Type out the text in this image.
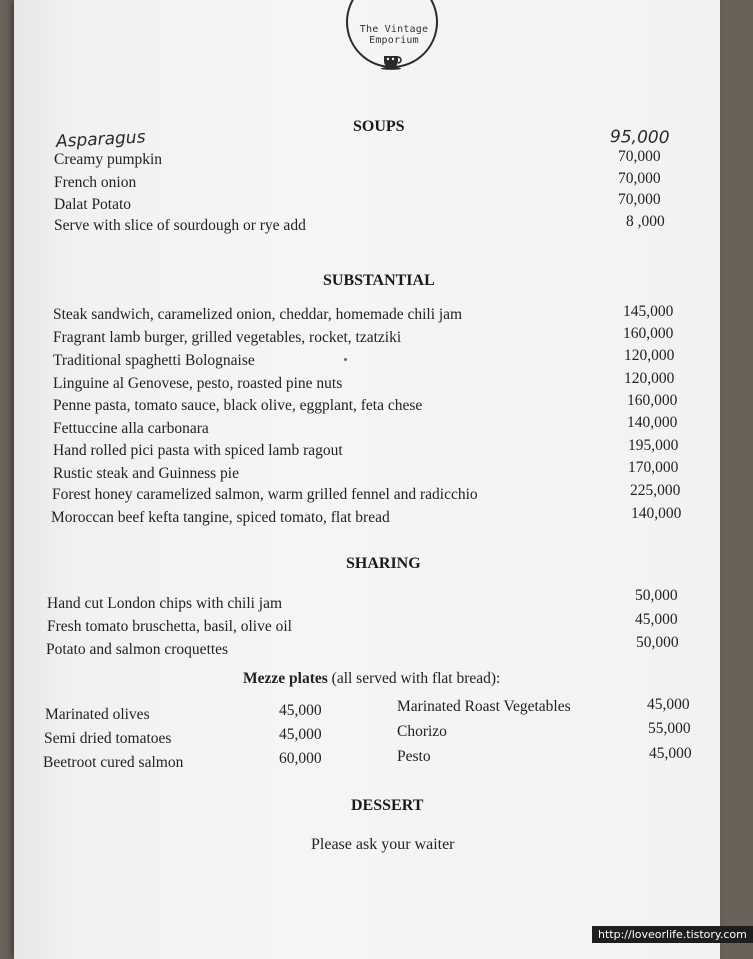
The Vintage Emporium
SOUPS
Asparagus	95,000
Creamy pumpkin	70,000
French onion	70,000
Dalat Potato	70,000
Serve with slice of sourdough or rye add	8 ,000
SUBSTANTIAL
Steak sandwich, caramelized onion, cheddar, homemade chili jam	145,000
Fragrant lamb burger, grilled vegetables, rocket, tzatziki	160,000
Traditional spaghetti Bolognaise	120,000
Linguine al Genovese, pesto, roasted pine nuts	120,000
Penne pasta, tomato sauce, black olive, eggplant, feta chese	160,000
Fettuccine alla carbonara	140,000
Hand rolled pici pasta with spiced lamb ragout	195,000
Rustic steak and Guinness pie	170,000
Forest honey caramelized salmon, warm grilled fennel and radicchio	225,000
Moroccan beef kefta tangine, spiced tomato, flat bread	140,000
SHARING
Hand cut London chips with chili jam	50,000
Fresh tomato bruschetta, basil, olive oil	45,000
Potato and salmon croquettes	50,000
Mezze plates (all served with flat bread):
Marinated olives	45,000
Semi dried tomatoes	45,000
Beetroot cured salmon	60,000
Marinated Roast Vegetables	45,000
Chorizo	55,000
Pesto	45,000
DESSERT
Please ask your waiter
http://loveorlife.tistory.com
